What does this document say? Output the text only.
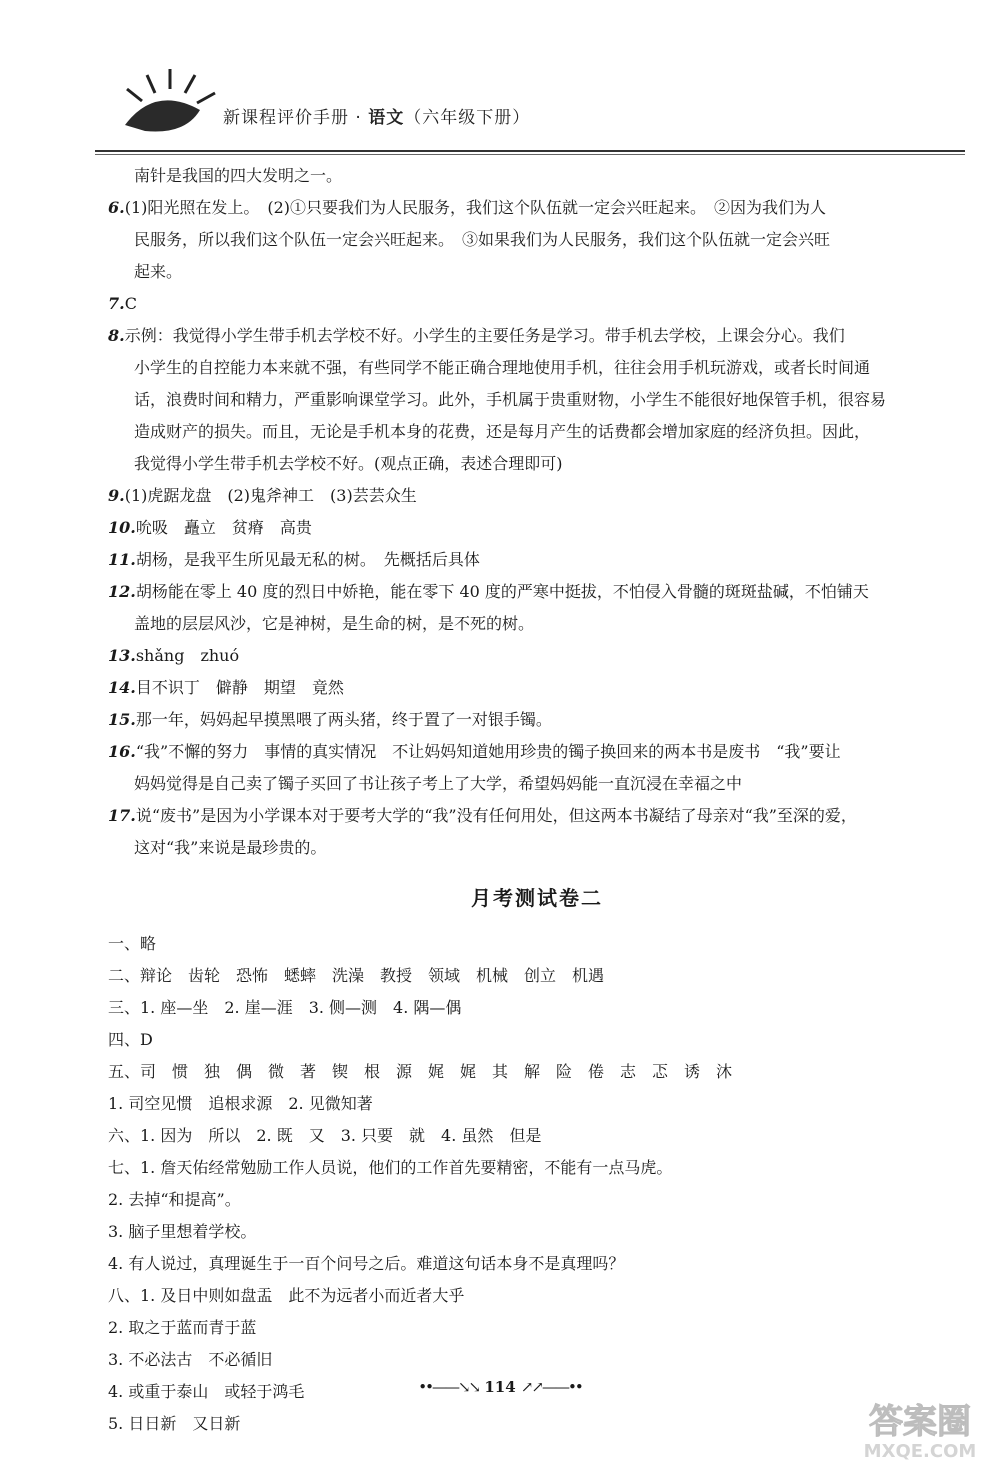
新课程评价手册 · 语文（六年级下册）
南针是我国的四大发明之一。
6.(1)阳光照在发上。　(2)①只要我们为人民服务，我们这个队伍就一定会兴旺起来。　②因为我们为人
民服务，所以我们这个队伍一定会兴旺起来。　③如果我们为人民服务，我们这个队伍就一定会兴旺
起来。
7.C
8.示例：我觉得小学生带手机去学校不好。小学生的主要任务是学习。带手机去学校，上课会分心。我们
小学生的自控能力本来就不强，有些同学不能正确合理地使用手机，往往会用手机玩游戏，或者长时间通
话，浪费时间和精力，严重影响课堂学习。此外，手机属于贵重财物，小学生不能很好地保管手机，很容易
造成财产的损失。而且，无论是手机本身的花费，还是每月产生的话费都会增加家庭的经济负担。因此，
我觉得小学生带手机去学校不好。(观点正确，表述合理即可)
9.(1)虎踞龙盘　(2)鬼斧神工　(3)芸芸众生
10.吮吸　矗立　贫瘠　高贵
11.胡杨，是我平生所见最无私的树。　先概括后具体
12.胡杨能在零上 40 度的烈日中娇艳，能在零下 40 度的严寒中挺拔，不怕侵入骨髓的斑斑盐碱，不怕铺天
盖地的层层风沙，它是神树，是生命的树，是不死的树。
13.shǎng　zhuó
14.目不识丁　僻静　期望　竟然
15.那一年，妈妈起早摸黑喂了两头猪，终于置了一对银手镯。
16.“我”不懈的努力　事情的真实情况　不让妈妈知道她用珍贵的镯子换回来的两本书是废书　“我”要让
妈妈觉得是自己卖了镯子买回了书让孩子考上了大学，希望妈妈能一直沉浸在幸福之中
17.说“废书”是因为小学课本对于要考大学的“我”没有任何用处，但这两本书凝结了母亲对“我”至深的爱，
这对“我”来说是最珍贵的。
月考测试卷二
一、略
二、辩论　齿轮　恐怖　蟋蟀　洗澡　教授　领域　机械　创立　机遇
三、1. 座—坐　2. 崖—涯　3. 侧—测　4. 隅—偶
四、D
五、司　惯　独　偶　微　著　锲　根　源　娓　娓　其　解　险　倦　志　忑　诱　沐
1. 司空见惯　追根求源　2. 见微知著
六、1. 因为　所以　2. 既　又　3. 只要　就　4. 虽然　但是
七、1. 詹天佑经常勉励工作人员说，他们的工作首先要精密，不能有一点马虎。
2. 去掉“和提高”。
3. 脑子里想着学校。
4. 有人说过，真理诞生于一百个问号之后。难道这句话本身不是真理吗？
八、1. 及日中则如盘盂　此不为远者小而近者大乎
2. 取之于蓝而青于蓝
3. 不必法古　不必循旧
4. 或重于泰山　或轻于鸿毛
5. 日日新　又日新
••——↘↘ 114 ↗↗——••
答案圈
MXQE.COM
